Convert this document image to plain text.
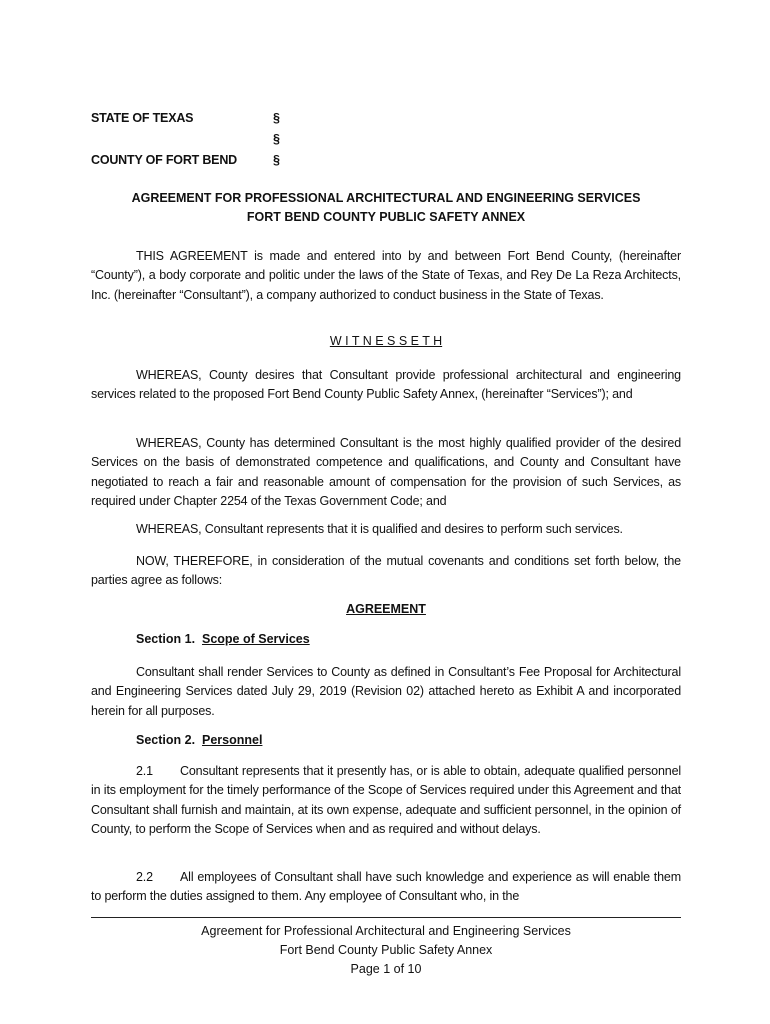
STATE OF TEXAS	§
§
COUNTY OF FORT BEND	§
AGREEMENT FOR PROFESSIONAL ARCHITECTURAL AND ENGINEERING SERVICES
FORT BEND COUNTY PUBLIC SAFETY ANNEX
THIS AGREEMENT is made and entered into by and between Fort Bend County, (hereinafter “County”), a body corporate and politic under the laws of the State of Texas, and Rey De La Reza Architects, Inc. (hereinafter “Consultant”), a company authorized to conduct business in the State of Texas.
W I T N E S S E T H
WHEREAS, County desires that Consultant provide professional architectural and engineering services related to the proposed Fort Bend County Public Safety Annex, (hereinafter “Services”); and
WHEREAS, County has determined Consultant is the most highly qualified provider of the desired Services on the basis of demonstrated competence and qualifications, and County and Consultant have negotiated to reach a fair and reasonable amount of compensation for the provision of such Services, as required under Chapter 2254 of the Texas Government Code; and
WHEREAS, Consultant represents that it is qualified and desires to perform such services.
NOW, THEREFORE, in consideration of the mutual covenants and conditions set forth below, the parties agree as follows:
AGREEMENT
Section 1. Scope of Services
Consultant shall render Services to County as defined in Consultant’s Fee Proposal for Architectural and Engineering Services dated July 29, 2019 (Revision 02) attached hereto as Exhibit A and incorporated herein for all purposes.
Section 2. Personnel
2.1 Consultant represents that it presently has, or is able to obtain, adequate qualified personnel in its employment for the timely performance of the Scope of Services required under this Agreement and that Consultant shall furnish and maintain, at its own expense, adequate and sufficient personnel, in the opinion of County, to perform the Scope of Services when and as required and without delays.
2.2 All employees of Consultant shall have such knowledge and experience as will enable them to perform the duties assigned to them. Any employee of Consultant who, in the
Agreement for Professional Architectural and Engineering Services
Fort Bend County Public Safety Annex
Page 1 of 10
